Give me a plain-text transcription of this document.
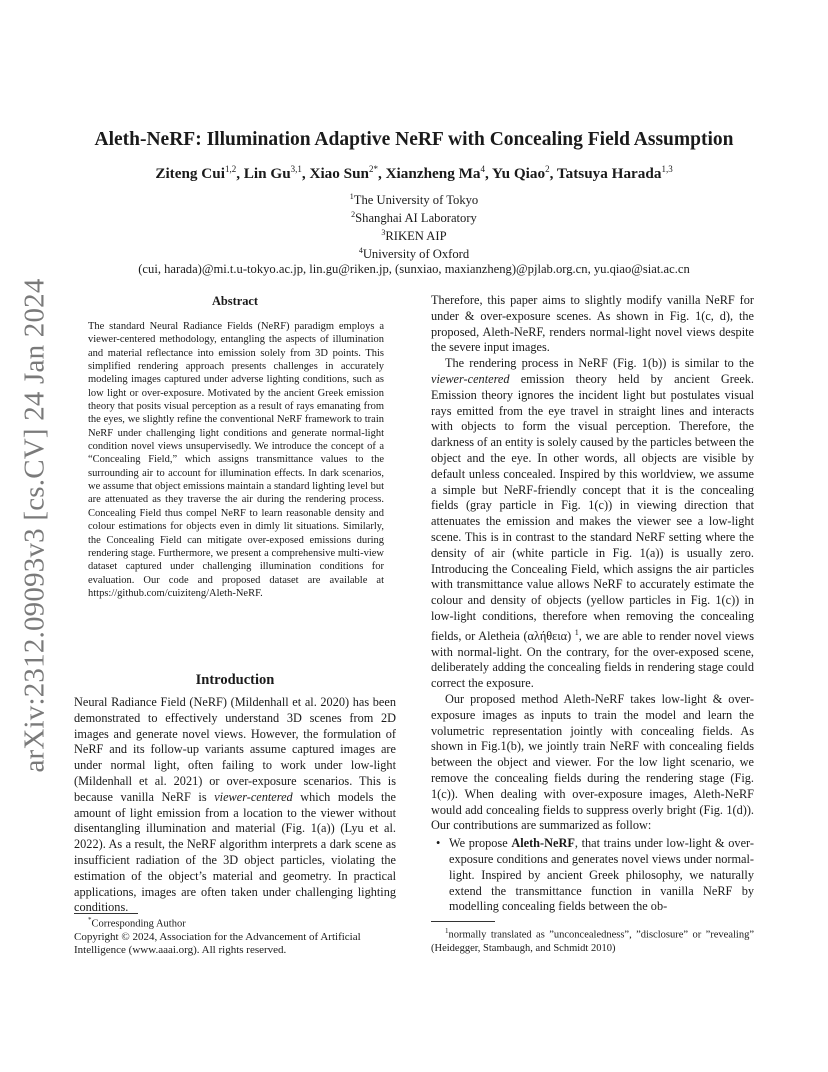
arXiv:2312.09093v3 [cs.CV] 24 Jan 2024
Aleth-NeRF: Illumination Adaptive NeRF with Concealing Field Assumption
Ziteng Cui$^{1,2}$, Lin Gu$^{3,1}$, Xiao Sun$^{2*}$, Xianzheng Ma$^4$, Yu Qiao$^2$, Tatsuya Harada$^{1,3}$
$^1$The University of Tokyo
$^2$Shanghai AI Laboratory
$^3$RIKEN AIP
$^4$University of Oxford
(cui, harada)@mi.t.u-tokyo.ac.jp, lin.gu@riken.jp, (sunxiao, maxianzheng)@pjlab.org.cn, yu.qiao@siat.ac.cn
Abstract
The standard Neural Radiance Fields (NeRF) paradigm employs a viewer-centered methodology, entangling the aspects of illumination and material reflectance into emission solely from 3D points. This simplified rendering approach presents challenges in accurately modeling images captured under adverse lighting conditions, such as low light or over-exposure. Motivated by the ancient Greek emission theory that posits visual perception as a result of rays emanating from the eyes, we slightly refine the conventional NeRF framework to train NeRF under challenging light conditions and generate normal-light condition novel views unsupervisedly. We introduce the concept of a “Concealing Field,” which assigns transmittance values to the surrounding air to account for illumination effects. In dark scenarios, we assume that object emissions maintain a standard lighting level but are attenuated as they traverse the air during the rendering process. Concealing Field thus compel NeRF to learn reasonable density and colour estimations for objects even in dimly lit situations. Similarly, the Concealing Field can mitigate over-exposed emissions during rendering stage. Furthermore, we present a comprehensive multi-view dataset captured under challenging illumination conditions for evaluation. Our code and proposed dataset are available at https://github.com/cuiziteng/Aleth-NeRF.
Introduction

Neural Radiance Field (NeRF) (Mildenhall et al. 2020) has been demonstrated to effectively understand 3D scenes from 2D images and generate novel views. However, the formulation of NeRF and its follow-up variants assume captured images are under normal light, often failing to work under low-light (Mildenhall et al. 2021) or over-exposure scenarios. This is because vanilla NeRF is viewer-centered which models the amount of light emission from a location to the viewer without disentangling illumination and material (Fig. 1(a)) (Lyu et al. 2022). As a result, the NeRF algorithm interprets a dark scene as insufficient radiation of the 3D object particles, violating the estimation of the object’s material and geometry. In practical applications, images are often taken under challenging lighting conditions.

*Corresponding Author
Copyright © 2024, Association for the Advancement of Artificial Intelligence (www.aaai.org). All rights reserved.

Therefore, this paper aims to slightly modify vanilla NeRF for under & over-exposure scenes. As shown in Fig. 1(c, d), the proposed, Aleth-NeRF, renders normal-light novel views despite the severe input images.

The rendering process in NeRF (Fig. 1(b)) is similar to the viewer-centered emission theory held by ancient Greek. Emission theory ignores the incident light but postulates visual rays emitted from the eye travel in straight lines and interacts with objects to form the visual perception. Therefore, the darkness of an entity is solely caused by the particles between the object and the eye. In other words, all objects are visible by default unless concealed. Inspired by this worldview, we assume a simple but NeRF-friendly concept that it is the concealing fields (gray particle in Fig. 1(c)) in viewing direction that attenuates the emission and makes the viewer see a low-light scene. This is in contrast to the standard NeRF setting where the density of air (white particle in Fig. 1(a)) is usually zero. Introducing the Concealing Field, which assigns the air particles with transmittance value allows NeRF to accurately estimate the colour and density of objects (yellow particles in Fig. 1(c)) in low-light conditions, therefore when removing the concealing fields, or Aletheia (αλήθεια) $^1$, we are able to render novel views with normal-light. On the contrary, for the over-exposed scene, deliberately adding the concealing fields in rendering stage could correct the exposure.

Our proposed method Aleth-NeRF takes low-light & over-exposure images as inputs to train the model and learn the volumetric representation jointly with concealing fields. As shown in Fig.1(b), we jointly train NeRF with concealing fields between the object and viewer. For the low light scenario, we remove the concealing fields during the rendering stage (Fig. 1(c)). When dealing with over-exposure images, Aleth-NeRF would add concealing fields to suppress overly bright (Fig. 1(d)). Our contributions are summarized as follow:

• We propose Aleth-NeRF, that trains under low-light & over-exposure conditions and generates novel views under normal-light. Inspired by ancient Greek philosophy, we naturally extend the transmittance function in vanilla NeRF by modelling concealing fields between the ob-
$^1$normally translated as ”unconcealedness”, ”disclosure” or ”revealing” (Heidegger, Stambaugh, and Schmidt 2010)
